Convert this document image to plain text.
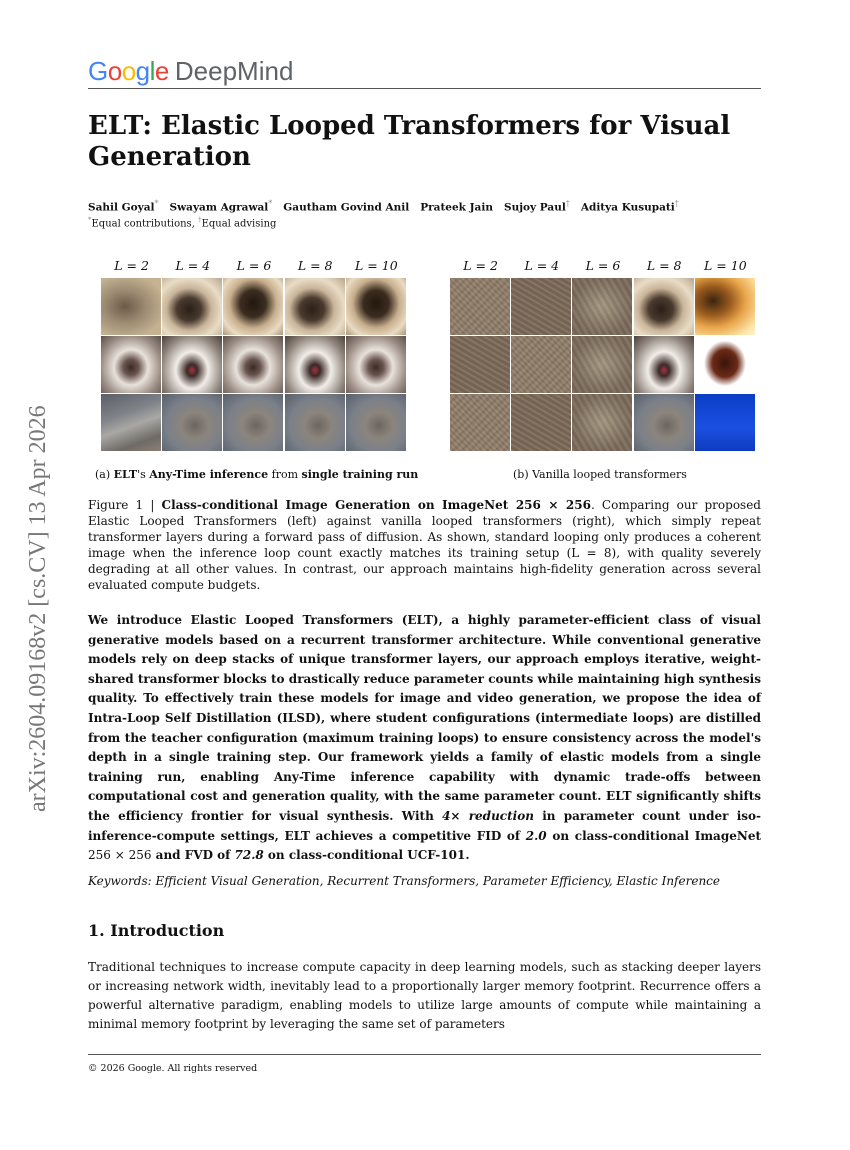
Google DeepMind
arXiv:2604.09168v2 [cs.CV] 13 Apr 2026
ELT: Elastic Looped Transformers for Visual Generation
Sahil Goyal* Swayam Agrawal* Gautham Govind Anil Prateek Jain Sujoy Paul† Aditya Kusupati†
*Equal contributions, †Equal advising
L = 2	L = 4	L = 6	L = 8	L = 10	L = 2	L = 4	L = 6	L = 8	L = 10
(a) ELT's Any-Time inference from single training run	(b) Vanilla looped transformers

Figure 1 | Class-conditional Image Generation on ImageNet 256 × 256. Comparing our proposed Elastic Looped Transformers (left) against vanilla looped transformers (right), which simply repeat transformer layers during a forward pass of diffusion. As shown, standard looping only produces a coherent image when the inference loop count exactly matches its training setup (L = 8), with quality severely degrading at all other values. In contrast, our approach maintains high-fidelity generation across several evaluated compute budgets.

We introduce Elastic Looped Transformers (ELT), a highly parameter-efficient class of visual generative models based on a recurrent transformer architecture. While conventional generative models rely on deep stacks of unique transformer layers, our approach employs iterative, weight-shared transformer blocks to drastically reduce parameter counts while maintaining high synthesis quality. To effectively train these models for image and video generation, we propose the idea of Intra-Loop Self Distillation (ILSD), where student configurations (intermediate loops) are distilled from the teacher configuration (maximum training loops) to ensure consistency across the model's depth in a single training step. Our framework yields a family of elastic models from a single training run, enabling Any-Time inference capability with dynamic trade-offs between computational cost and generation quality, with the same parameter count. ELT significantly shifts the efficiency frontier for visual synthesis. With 4× reduction in parameter count under iso-inference-compute settings, ELT achieves a competitive FID of 2.0 on class-conditional ImageNet 256 × 256 and FVD of 72.8 on class-conditional UCF-101.

Keywords: Efficient Visual Generation, Recurrent Transformers, Parameter Efficiency, Elastic Inference

1. Introduction

Traditional techniques to increase compute capacity in deep learning models, such as stacking deeper layers or increasing network width, inevitably lead to a proportionally larger memory footprint. Recurrence offers a powerful alternative paradigm, enabling models to utilize large amounts of compute while maintaining a minimal memory footprint by leveraging the same set of parameters

© 2026 Google. All rights reserved
